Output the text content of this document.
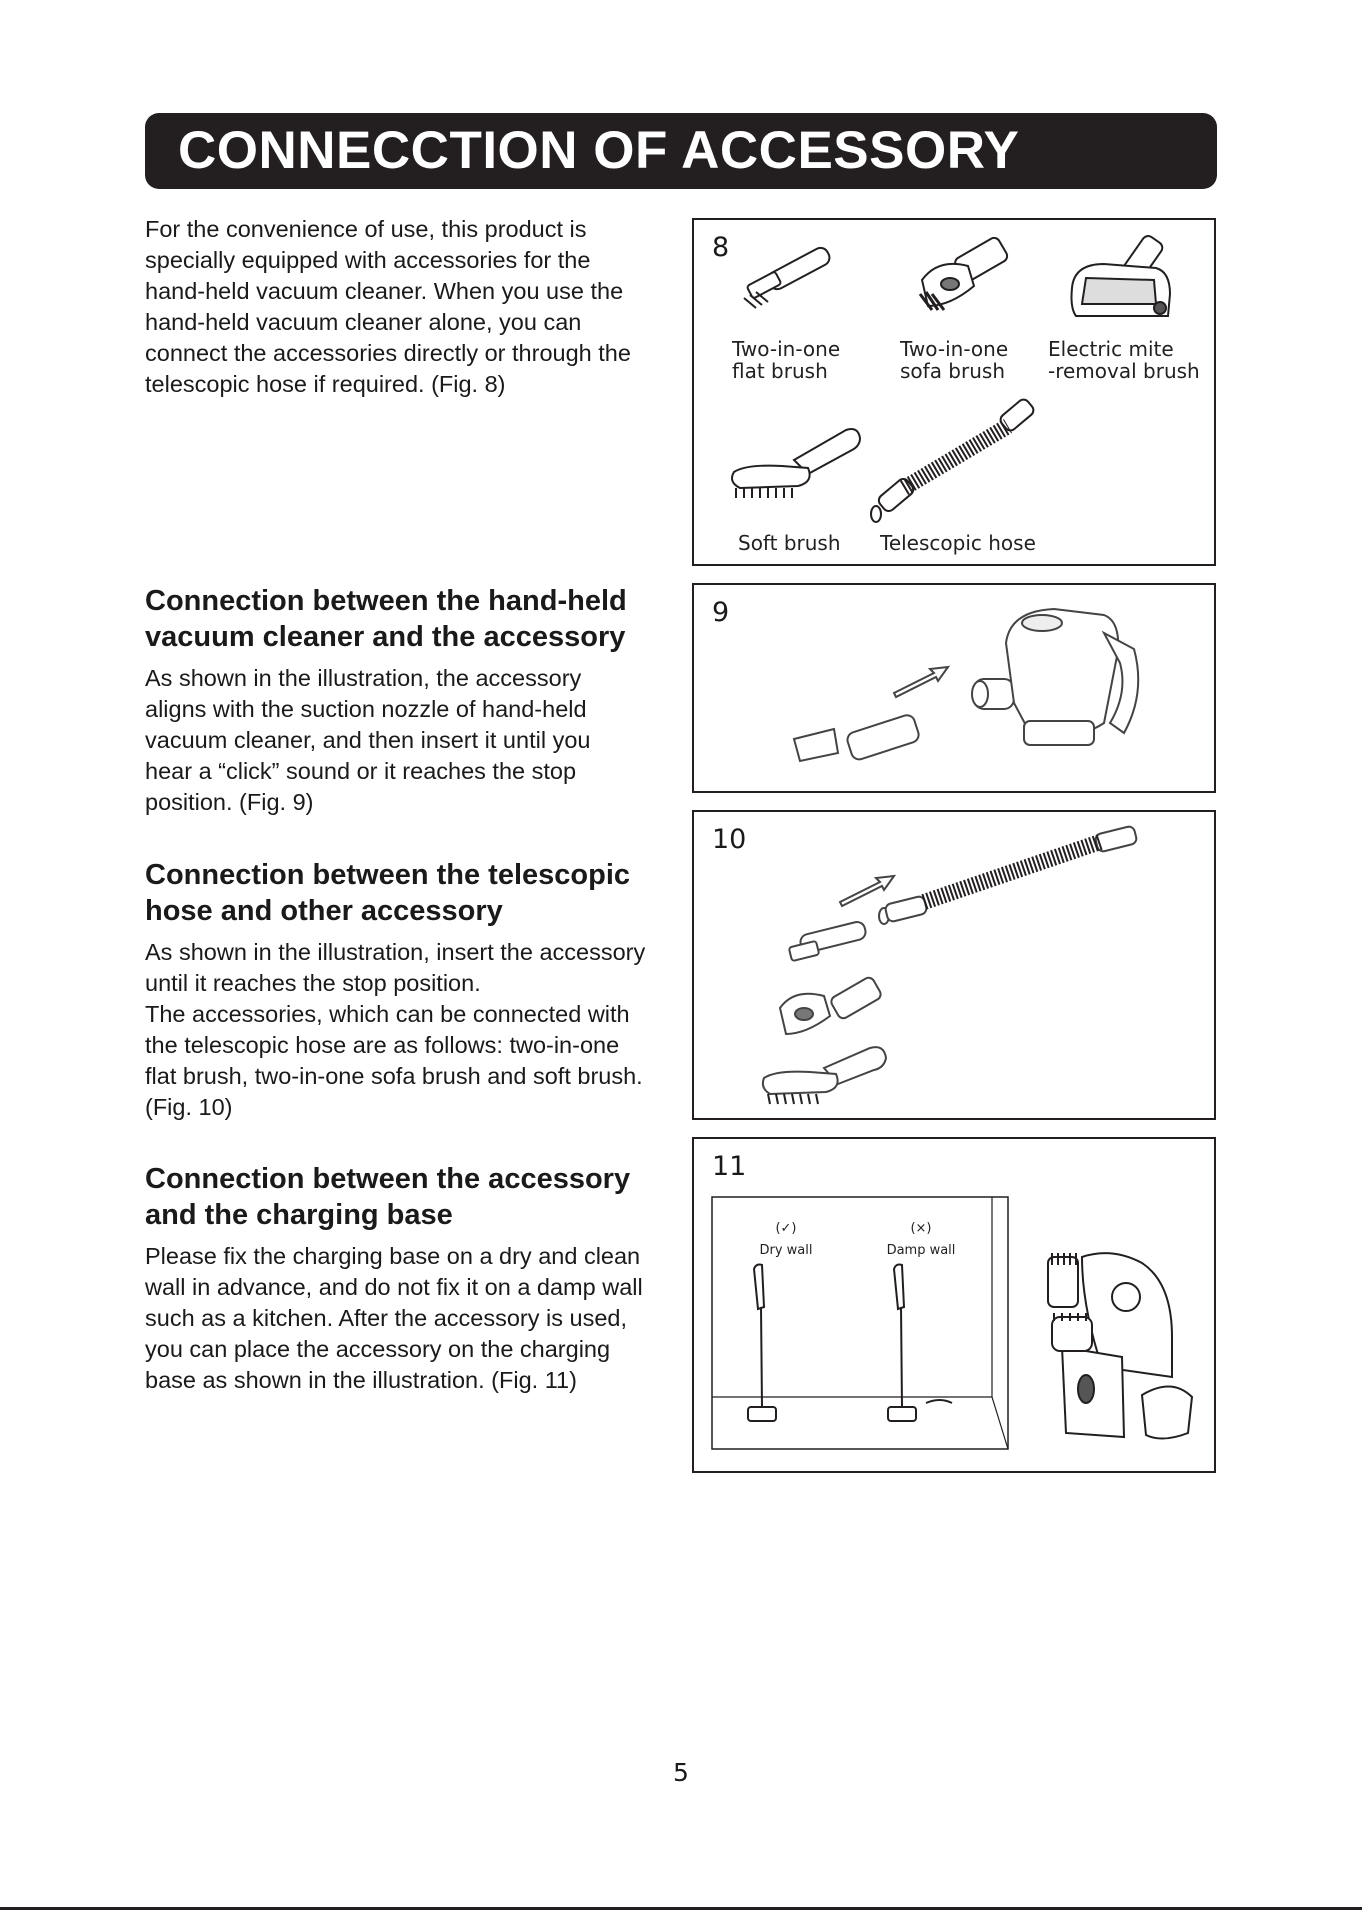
CONNECCTION OF ACCESSORY

For the convenience of use, this product is

specially equipped with accessories for the

hand-held vacuum cleaner. When you use the

hand-held vacuum cleaner alone, you can

connect the accessories directly or through the

telescopic hose if required. (Fig. 8)

Connection between the hand-held
vacuum cleaner and the accessory

As shown in the illustration, the accessory

aligns with the suction nozzle of hand-held

vacuum cleaner, and then insert it until you

hear a “click” sound or it reaches the stop

position. (Fig. 9)

Connection between the telescopic
hose and other accessory

As shown in the illustration, insert the accessory

until it reaches the stop position.

The accessories, which can be connected with

the telescopic hose are as follows: two-in-one

flat brush, two-in-one sofa brush and soft brush.

(Fig. 10)

Connection between the accessory
and the charging base

Please fix the charging base on a dry and clean

wall in advance, and do not fix it on a damp wall

such as a kitchen. After the accessory is used,

you can place the accessory on the charging

base as shown in the illustration. (Fig. 11)

8
Two-in-one
flat brush
Two-in-one
sofa brush
Electric mite
-removal brush
Soft brush Telescopic hose
9
10
11
(✓)
Dry wall
(×)
Damp wall
5
